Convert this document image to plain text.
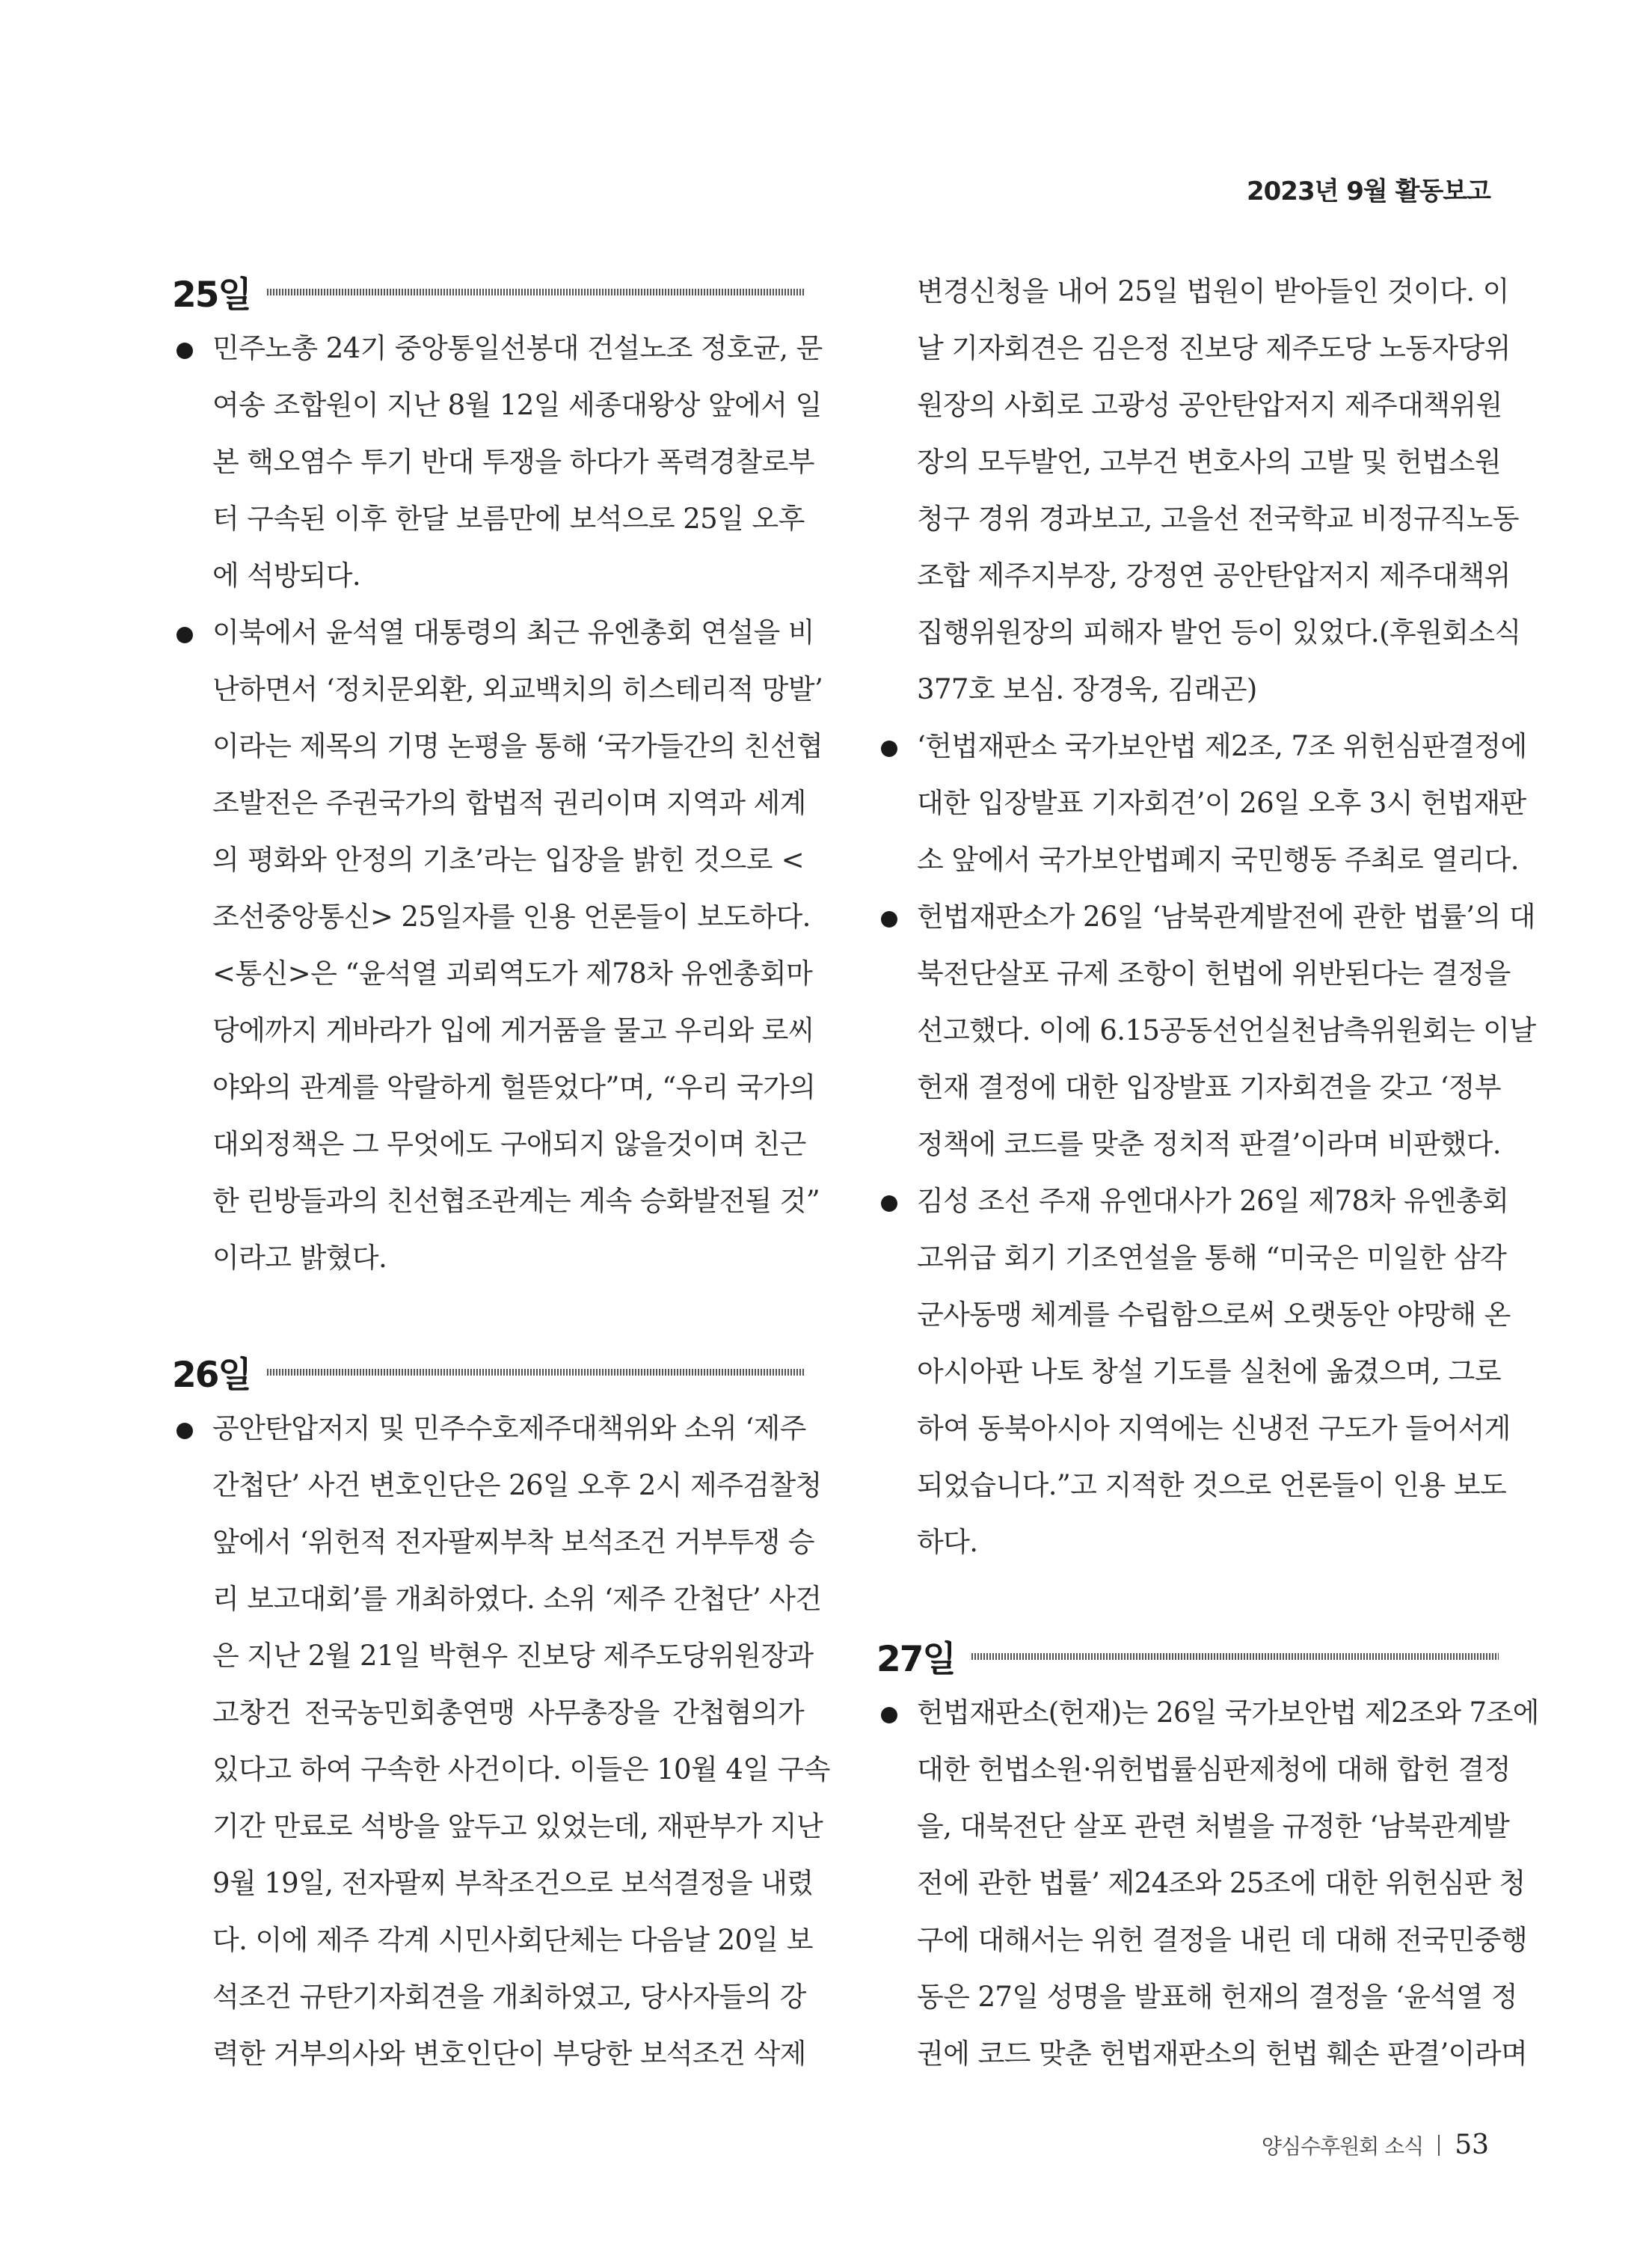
2023년 9월 활동보고
25일
민주노총 24기 중앙통일선봉대 건설노조 정호균, 문
여송 조합원이 지난 8월 12일 세종대왕상 앞에서 일
본 핵오염수 투기 반대 투쟁을 하다가 폭력경찰로부
터 구속된 이후 한달 보름만에 보석으로 25일 오후
에 석방되다.
이북에서 윤석열 대통령의 최근 유엔총회 연설을 비
난하면서 ‘정치문외환, 외교백치의 히스테리적 망발’
이라는 제목의 기명 논평을 통해 ‘국가들간의 친선협
조발전은 주권국가의 합법적 권리이며 지역과 세계
의 평화와 안정의 기초’라는 입장을 밝힌 것으로 <
조선중앙통신> 25일자를 인용 언론들이 보도하다.
<통신>은 “윤석열 괴뢰역도가 제78차 유엔총회마
당에까지 게바라가 입에 게거품을 물고 우리와 로씨
야와의 관계를 악랄하게 헐뜯었다”며, “우리 국가의
대외정책은 그 무엇에도 구애되지 않을것이며 친근
한 린방들과의 친선협조관계는 계속 승화발전될 것”
이라고 밝혔다.
26일
공안탄압저지 및 민주수호제주대책위와 소위 ‘제주
간첩단’ 사건 변호인단은 26일 오후 2시 제주검찰청
앞에서 ‘위헌적 전자팔찌부착 보석조건 거부투쟁 승
리 보고대회’를 개최하였다. 소위 ‘제주 간첩단’ 사건
은 지난 2월 21일 박현우 진보당 제주도당위원장과
고창건 전국농민회총연맹 사무총장을 간첩혐의가
있다고 하여 구속한 사건이다. 이들은 10월 4일 구속
기간 만료로 석방을 앞두고 있었는데, 재판부가 지난
9월 19일, 전자팔찌 부착조건으로 보석결정을 내렸
다. 이에 제주 각계 시민사회단체는 다음날 20일 보
석조건 규탄기자회견을 개최하였고, 당사자들의 강
력한 거부의사와 변호인단이 부당한 보석조건 삭제
변경신청을 내어 25일 법원이 받아들인 것이다. 이
날 기자회견은 김은정 진보당 제주도당 노동자당위
원장의 사회로 고광성 공안탄압저지 제주대책위원
장의 모두발언, 고부건 변호사의 고발 및 헌법소원
청구 경위 경과보고, 고을선 전국학교 비정규직노동
조합 제주지부장, 강정연 공안탄압저지 제주대책위
집행위원장의 피해자 발언 등이 있었다.(후원회소식
377호 보심. 장경욱, 김래곤)
‘헌법재판소 국가보안법 제2조, 7조 위헌심판결정에
대한 입장발표 기자회견’이 26일 오후 3시 헌법재판
소 앞에서 국가보안법폐지 국민행동 주최로 열리다.
헌법재판소가 26일 ‘남북관계발전에 관한 법률’의 대
북전단살포 규제 조항이 헌법에 위반된다는 결정을
선고했다. 이에 6.15공동선언실천남측위원회는 이날
헌재 결정에 대한 입장발표 기자회견을 갖고 ‘정부
정책에 코드를 맞춘 정치적 판결’이라며 비판했다.
김성 조선 주재 유엔대사가 26일 제78차 유엔총회
고위급 회기 기조연설을 통해 “미국은 미일한 삼각
군사동맹 체계를 수립함으로써 오랫동안 야망해 온
아시아판 나토 창설 기도를 실천에 옮겼으며, 그로
하여 동북아시아 지역에는 신냉전 구도가 들어서게
되었습니다.”고 지적한 것으로 언론들이 인용 보도
하다.
27일
헌법재판소(헌재)는 26일 국가보안법 제2조와 7조에
대한 헌법소원·위헌법률심판제청에 대해 합헌 결정
을, 대북전단 살포 관련 처벌을 규정한 ‘남북관계발
전에 관한 법률’ 제24조와 25조에 대한 위헌심판 청
구에 대해서는 위헌 결정을 내린 데 대해 전국민중행
동은 27일 성명을 발표해 헌재의 결정을 ‘윤석열 정
권에 코드 맞춘 헌법재판소의 헌법 훼손 판결’이라며
양심수후원회 소식 53
